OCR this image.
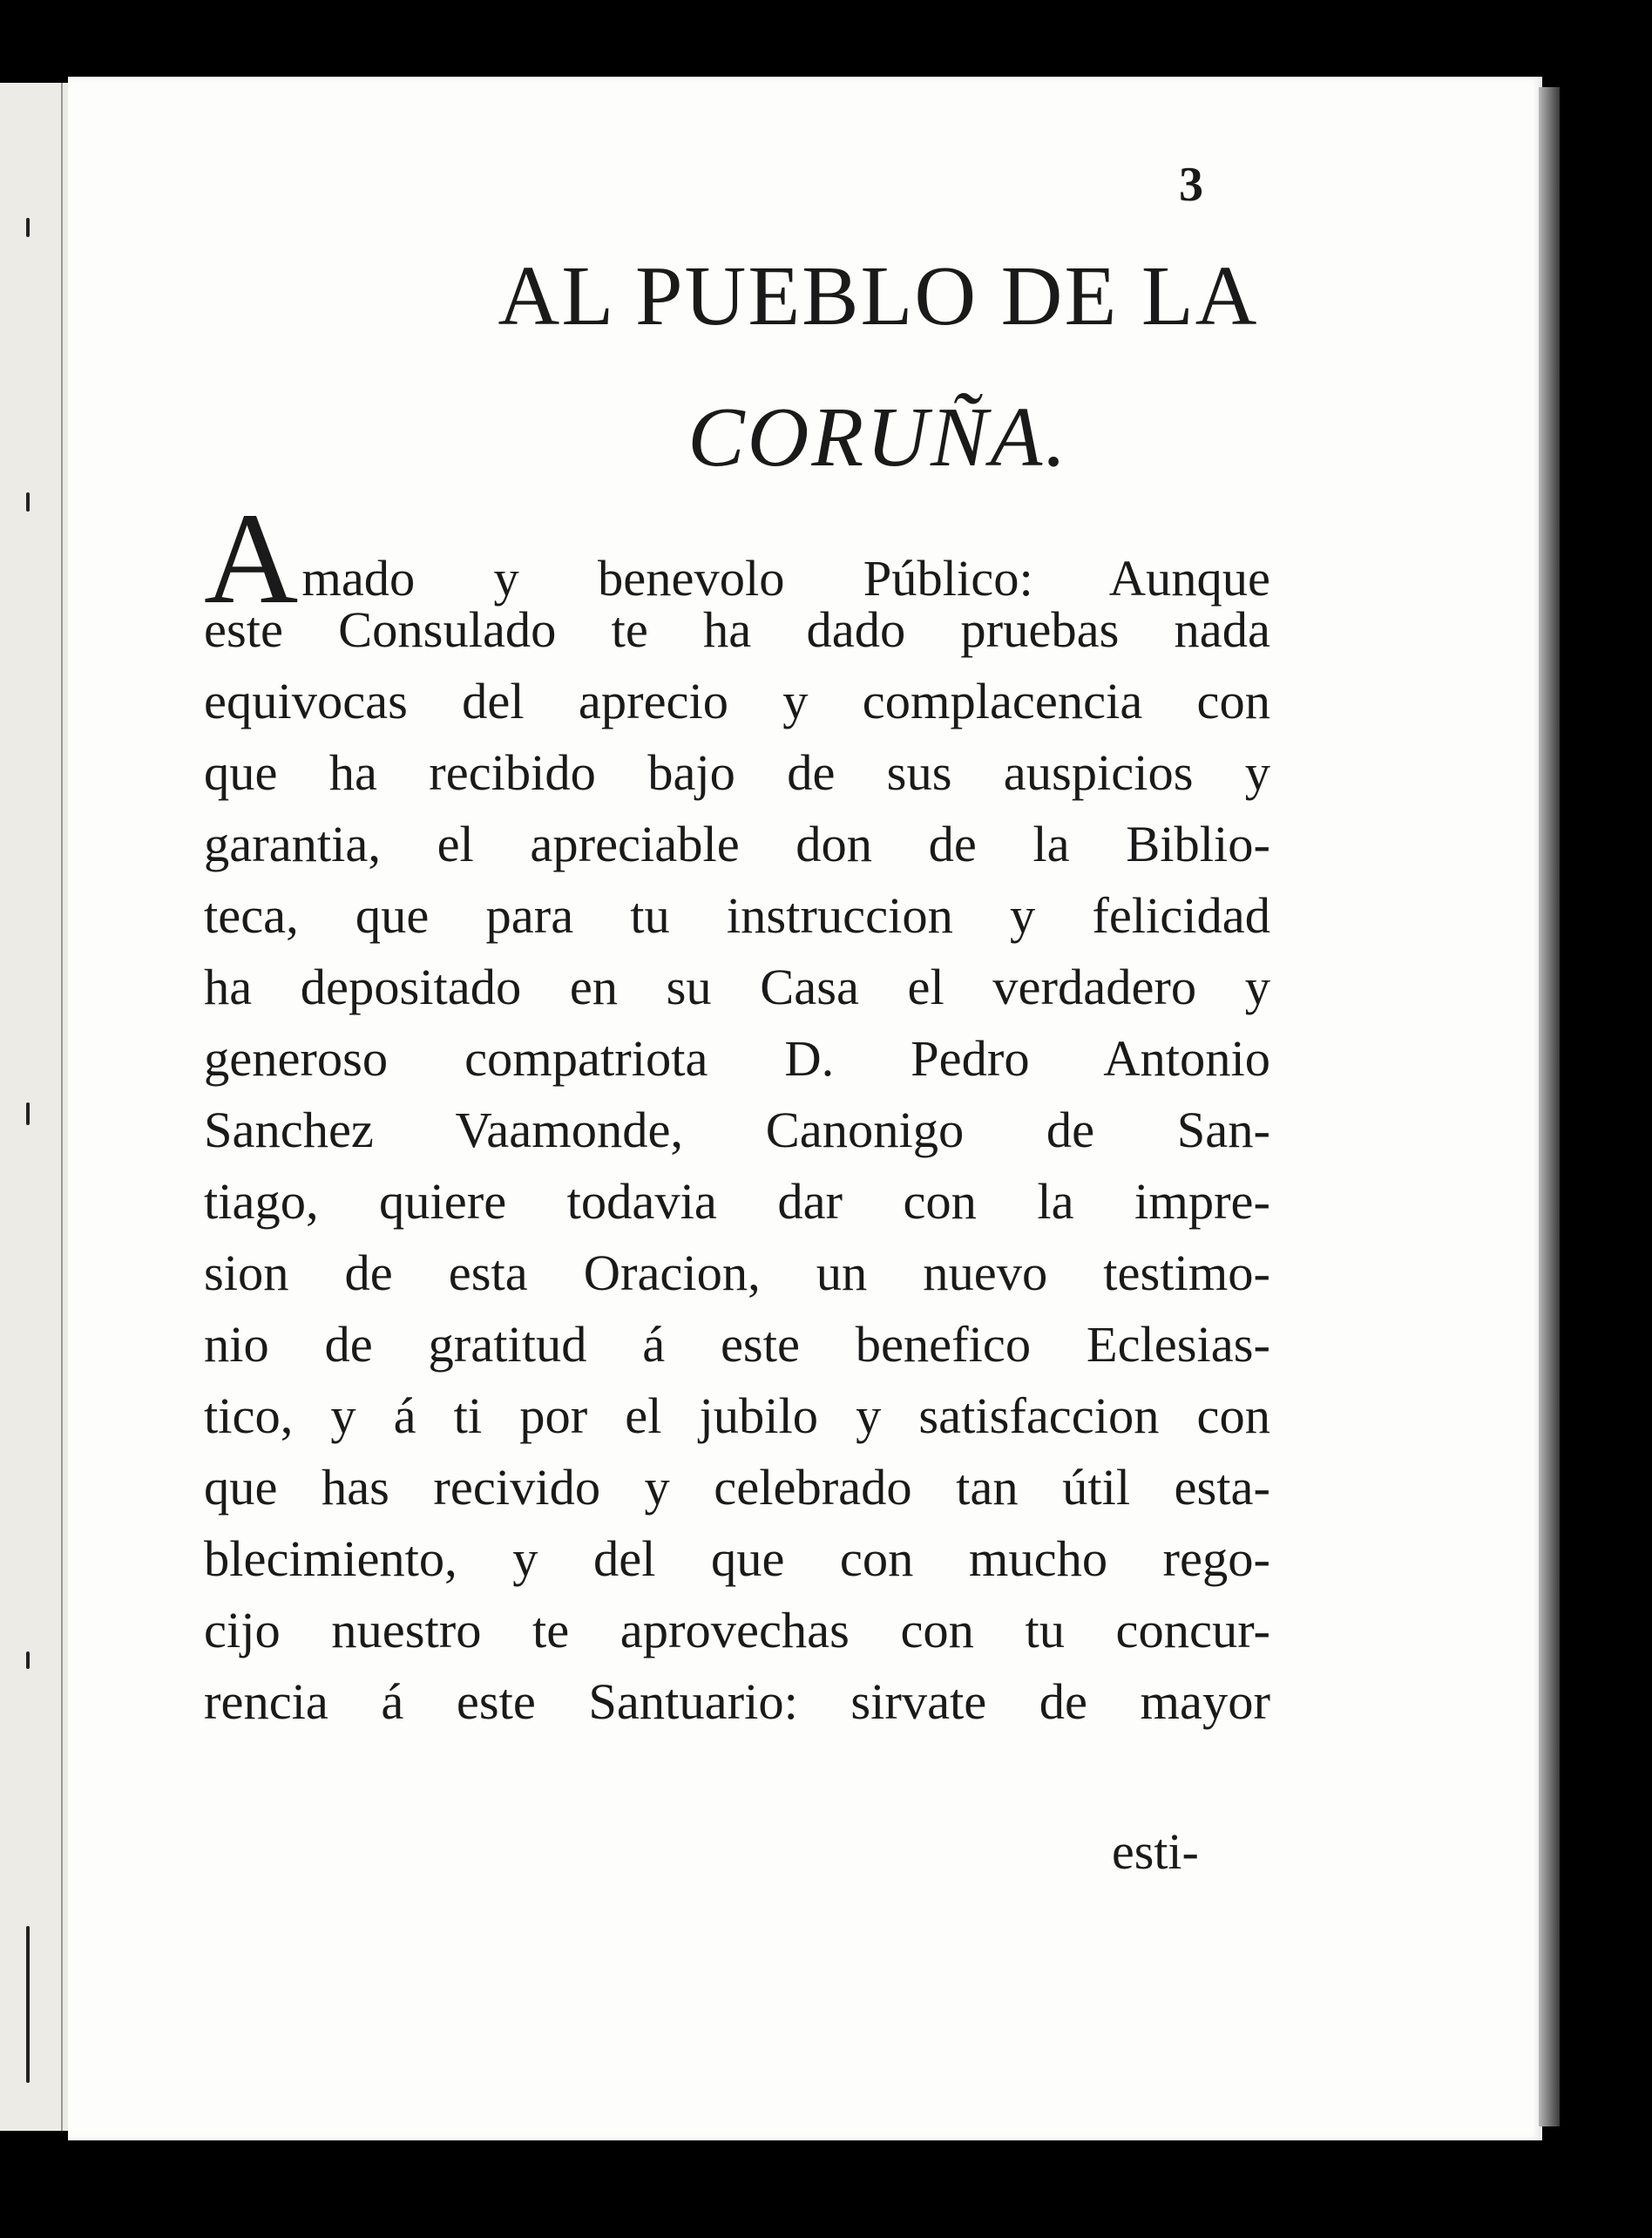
3
AL PUEBLO DE LA
CORUÑA.
Amado y benevolo Público: Aunque
este Consulado te ha dado pruebas nada
equivocas del aprecio y complacencia con
que ha recibido bajo de sus auspicios y
garantia, el apreciable don de la Biblio-
teca, que para tu instruccion y felicidad
ha depositado en su Casa el verdadero y
generoso compatriota D. Pedro Antonio
Sanchez Vaamonde, Canonigo de San-
tiago, quiere todavia dar con la impre-
sion de esta Oracion, un nuevo testimo-
nio de gratitud á este benefico Eclesias-
tico, y á ti por el jubilo y satisfaccion con
que has recivido y celebrado tan útil esta-
blecimiento, y del que con mucho rego-
cijo nuestro te aprovechas con tu concur-
rencia á este Santuario: sirvate de mayor
esti-
